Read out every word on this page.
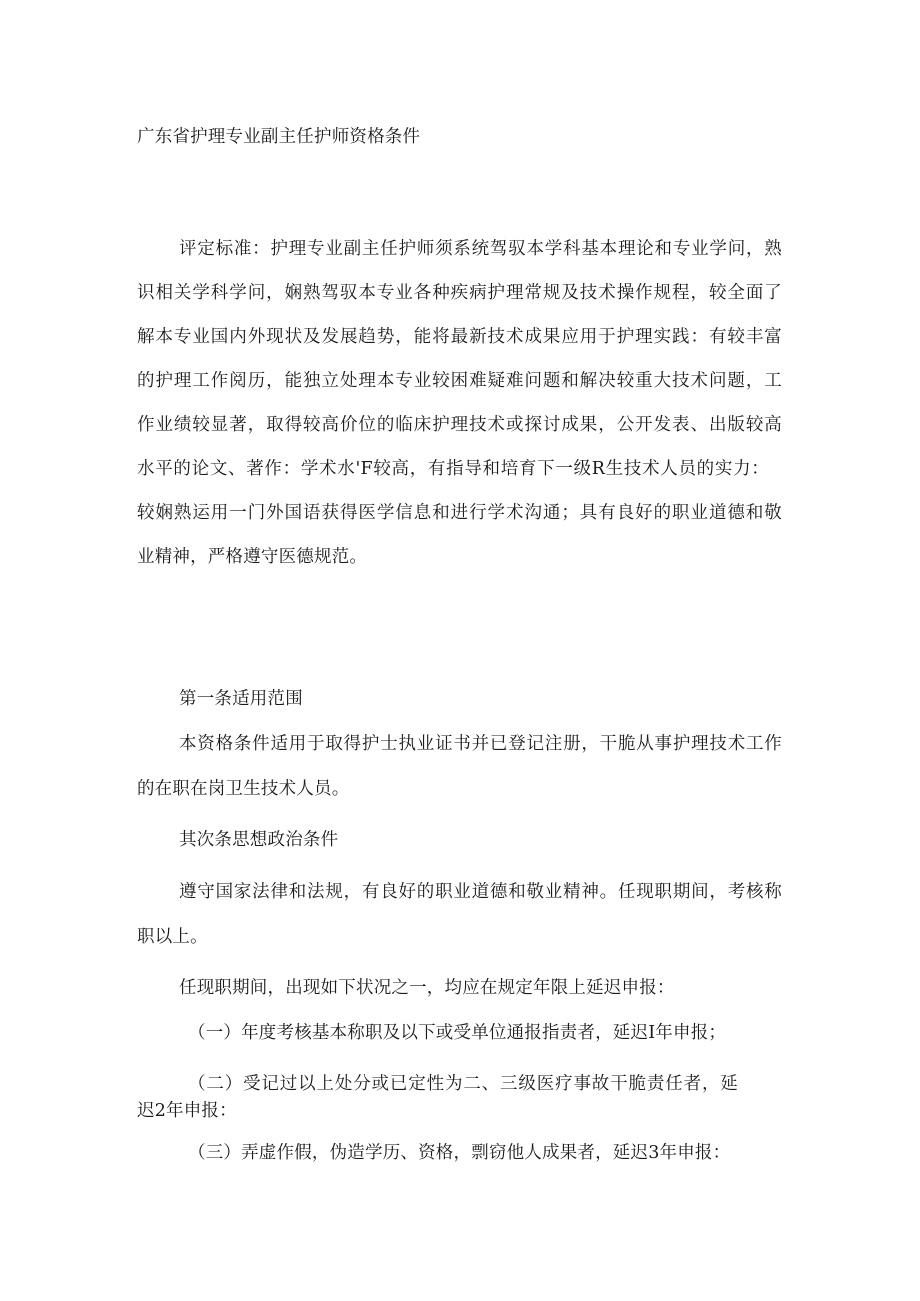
广东省护理专业副主任护师资格条件
评定标准：护理专业副主任护师须系统驾驭本学科基本理论和专业学问，熟
识相关学科学问，娴熟驾驭本专业各种疾病护理常规及技术操作规程，较全面了
解本专业国内外现状及发展趋势，能将最新技术成果应用于护理实践：有较丰富
的护理工作阅历，能独立处理本专业较困难疑难问题和解决较重大技术问题，工
作业绩较显著，取得较高价位的临床护理技术或探讨成果，公开发表、出版较高
水平的论文、著作：学术水'F较高，有指导和培育下一级R生技术人员的实力：
较娴熟运用一门外国语获得医学信息和进行学术沟通；具有良好的职业道德和敬
业精神，严格遵守医德规范。
第一条适用范围
本资格条件适用于取得护士执业证书并已登记注册，干脆从事护理技术工作
的在职在岗卫生技术人员。
其次条思想政治条件
遵守国家法律和法规，有良好的职业道德和敬业精神。任现职期间，考核称
职以上。
任现职期间，出现如下状况之一，均应在规定年限上延迟申报：
（一）年度考核基本称职及以下或受单位通报指责者，延迟I年申报；
（二）受记过以上处分或已定性为二、三级医疗事故干脆责任者，延
迟2年申报：
（三）弄虚作假，伪造学历、资格，剽窃他人成果者，延迟3年申报：
